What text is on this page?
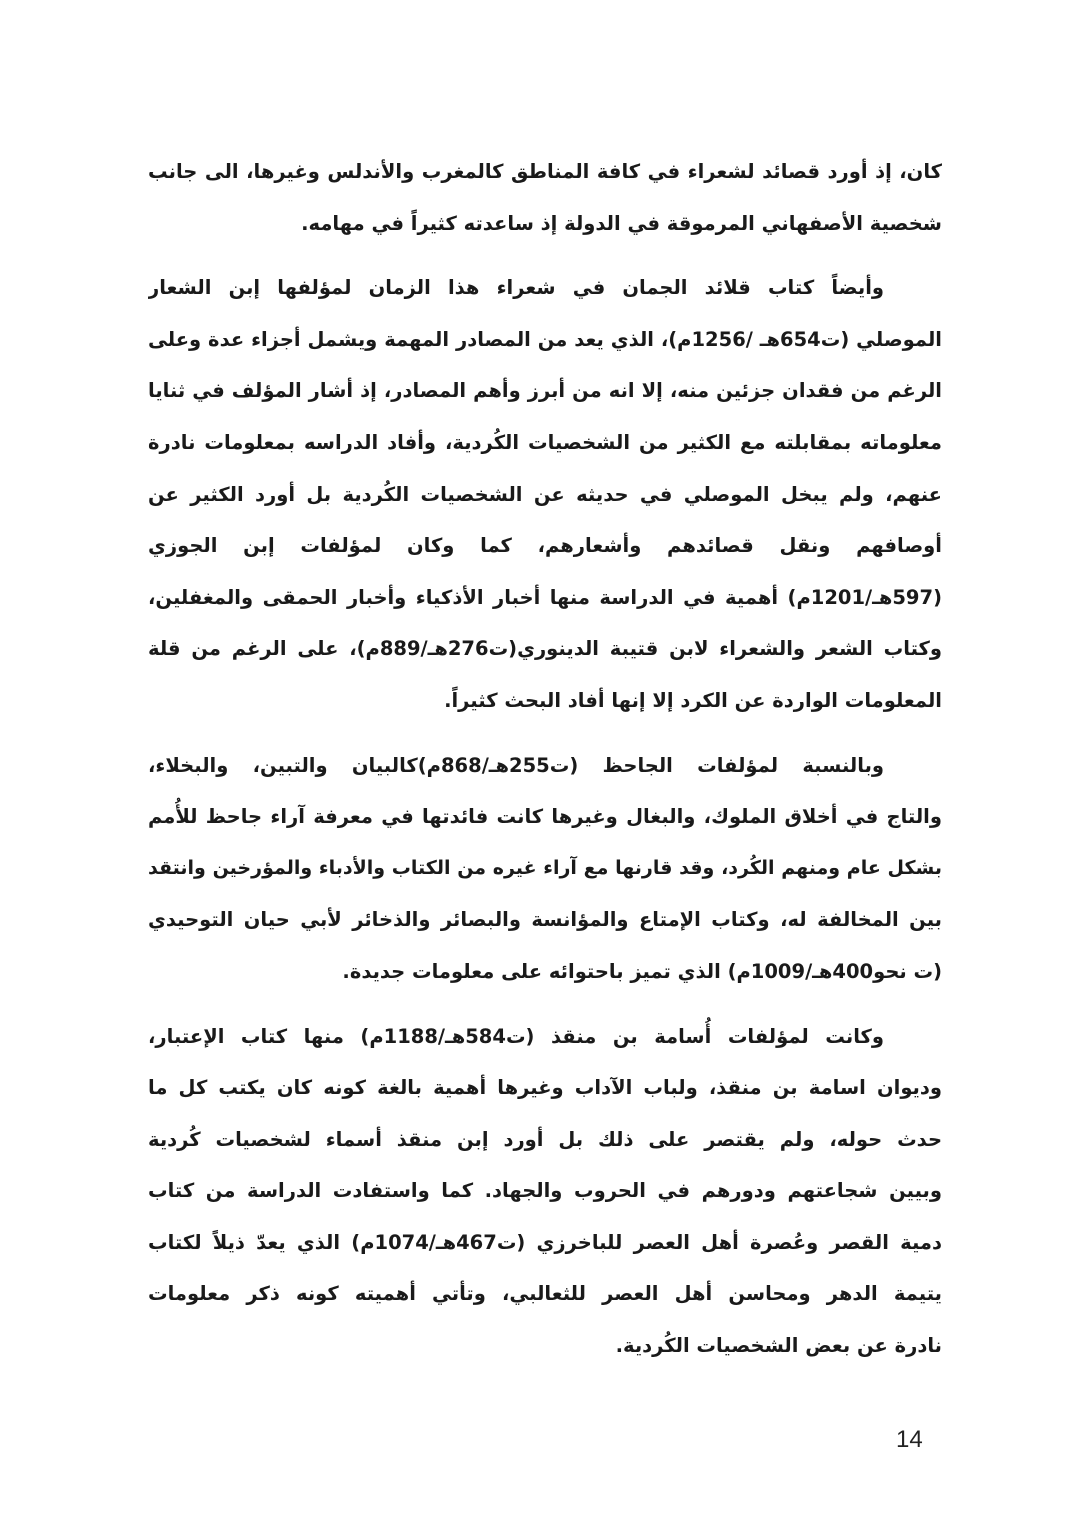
كان، إذ أورد قصائد لشعراء في كافة المناطق كالمغرب والأندلس وغيرها، الى جانب
شخصية الأصفهاني المرموقة في الدولة إذ ساعدته كثيراً في مهامه.
وأيضاً كتاب قلائد الجمان في شعراء هذا الزمان لمؤلفها إبن الشعار
الموصلي (ت654هـ /1256م)، الذي يعد من المصادر المهمة ويشمل أجزاء عدة وعلى
الرغم من فقدان جزئين منه، إلا انه من أبرز وأهم المصادر، إذ أشار المؤلف في ثنايا
معلوماته بمقابلته مع الكثير من الشخصيات الكُردية، وأفاد الدراسه بمعلومات نادرة
عنهم، ولم يبخل الموصلي في حديثه عن الشخصيات الكُردية بل أورد الكثير عن
أوصافهم ونقل قصائدهم وأشعارهم، كما وكان لمؤلفات إبن الجوزي
(597هـ/1201م) أهمية في الدراسة منها أخبار الأذكياء وأخبار الحمقى والمغفلين،
وكتاب الشعر والشعراء لابن قتيبة الدينوري(ت276هـ/889م)، على الرغم من قلة
المعلومات الواردة عن الكرد إلا إنها أفاد البحث كثيراً.
وبالنسبة لمؤلفات الجاحظ (ت255هـ/868م)كالبيان والتبين، والبخلاء،
والتاج في أخلاق الملوك، والبغال وغيرها كانت فائدتها في معرفة آراء جاحظ للأُمم
بشكل عام ومنهم الكُرد، وقد قارنها مع آراء غيره من الكتاب والأدباء والمؤرخين وانتقد
بين المخالفة له، وكتاب الإمتاع والمؤانسة والبصائر والذخائر لأبي حيان التوحيدي
(ت نحو400هـ/1009م) الذي تميز باحتوائه على معلومات جديدة.
وكانت لمؤلفات أُسامة بن منقذ (ت584هـ/1188م) منها كتاب الإعتبار،
وديوان اسامة بن منقذ، ولباب الآداب وغيرها أهمية بالغة كونه كان يكتب كل ما
حدث حوله، ولم يقتصر على ذلك بل أورد إبن منقذ أسماء لشخصيات كُردية
وبيين شجاعتهم ودورهم في الحروب والجهاد. كما واستفادت الدراسة من كتاب
دمية القصر وعُصرة أهل العصر للباخرزي (ت467هـ/1074م) الذي يعدّ ذيلاً لكتاب
يتيمة الدهر ومحاسن أهل العصر للثعالبي، وتأتي أهميته كونه ذكر معلومات
نادرة عن بعض الشخصيات الكُردية.
14
